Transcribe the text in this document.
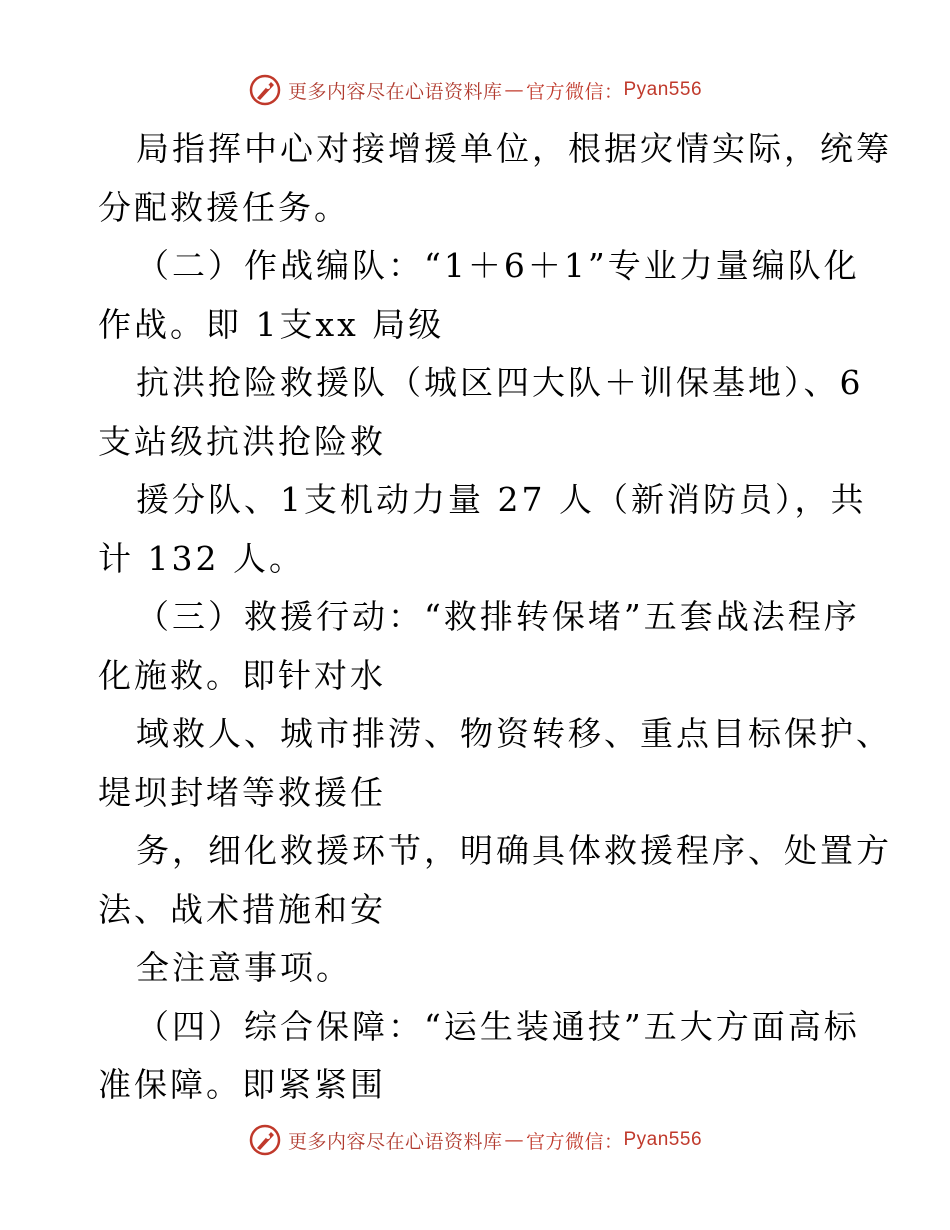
更多内容尽在心语资料库 — 官方微信： Pyan556
局指挥中心对接增援单位，根据灾情实际，统筹
分配救援任务。
（二）作战编队：“1＋6＋1”专业力量编队化
作战。即 1支xx 局级
抗洪抢险救援队（城区四大队＋训保基地）、6
支站级抗洪抢险救
援分队、1支机动力量 27 人（新消防员），共
计 132 人。
（三）救援行动：“救排转保堵”五套战法程序
化施救。即针对水
域救人、城市排涝、物资转移、重点目标保护、
堤坝封堵等救援任
务，细化救援环节，明确具体救援程序、处置方
法、战术措施和安
全注意事项。
（四）综合保障：“运生装通技”五大方面高标
准保障。即紧紧围
更多内容尽在心语资料库 — 官方微信： Pyan556
